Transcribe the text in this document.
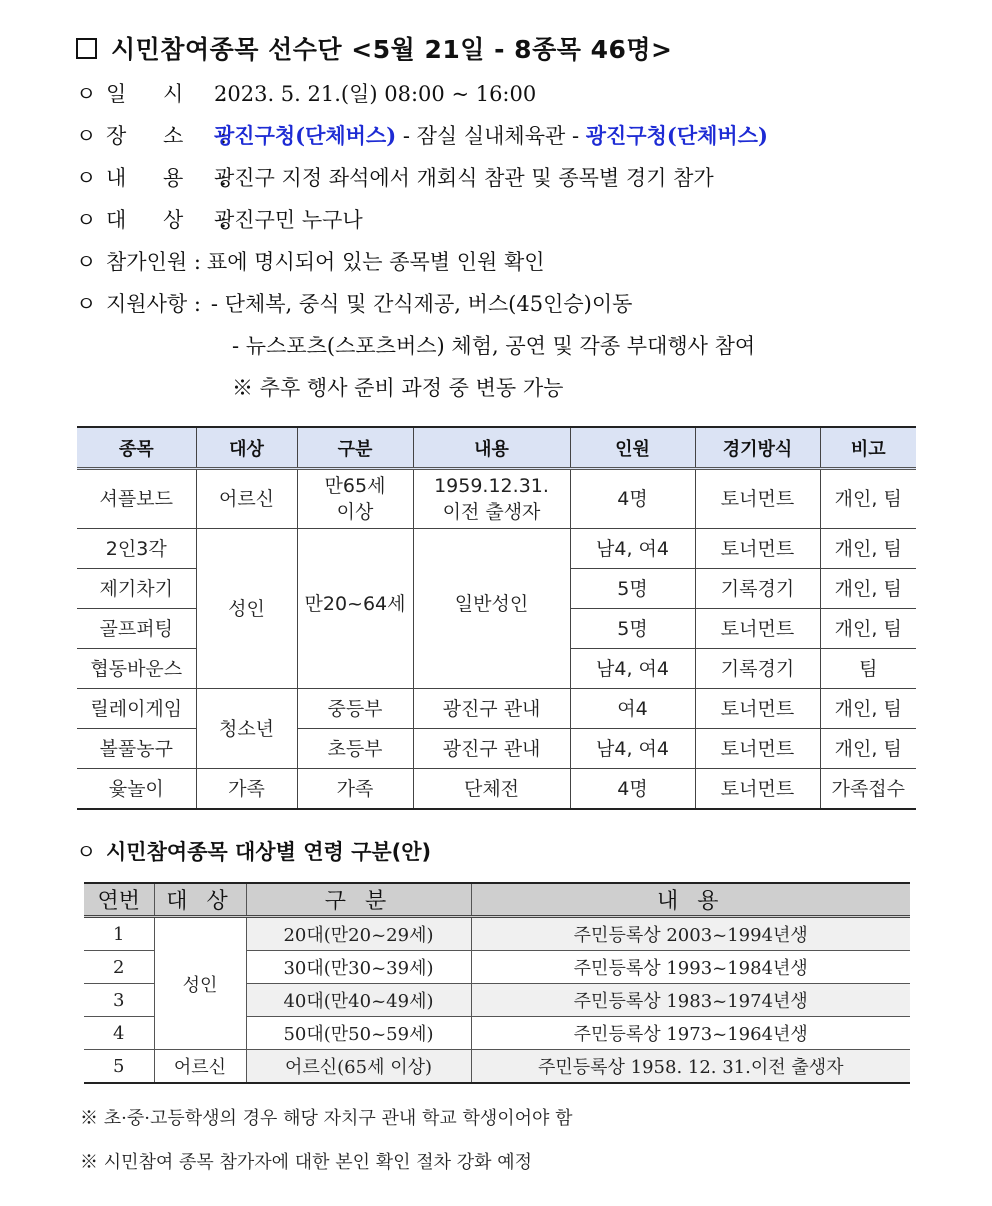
시민참여종목 선수단 <5월 21일 - 8종목 46명>
ㅇ 일 시 :2023. 5. 21.(일) 08:00 ~ 16:00
ㅇ 장 소 :광진구청(단체버스) - 잠실 실내체육관 - 광진구청(단체버스)
ㅇ 내 용 :광진구 지정 좌석에서 개회식 참관 및 종목별 경기 참가
ㅇ 대 상 :광진구민 누구나
ㅇ 참가인원 : 표에 명시되어 있는 종목별 인원 확인
ㅇ 지원사항 : - 단체복, 중식 및 간식제공, 버스(45인승)이동
- 뉴스포츠(스포츠버스) 체험, 공연 및 각종 부대행사 참여
※ 추후 행사 준비 과정 중 변동 가능
종목	대상	구분	내용	인원	경기방식	비고
셔플보드	어르신	만65세 이상	1959.12.31. 이전 출생자	4명	토너먼트	개인, 팀
2인3각	성인	만20~64세	일반성인	남4, 여4	토너먼트	개인, 팀
제기차기				5명	기록경기	개인, 팀
골프퍼팅				5명	토너먼트	개인, 팀
협동바운스				남4, 여4	기록경기	팀
릴레이게임	청소년	중등부	광진구 관내	여4	토너먼트	개인, 팀
볼풀농구		초등부	광진구 관내	남4, 여4	토너먼트	개인, 팀
윷놀이	가족	가족	단체전	4명	토너먼트	가족접수
ㅇ 시민참여종목 대상별 연령 구분(안)
연번	대 상	구 분	내 용
1	성인	20대(만20~29세)	주민등록상 2003~1994년생
2		30대(만30~39세)	주민등록상 1993~1984년생
3		40대(만40~49세)	주민등록상 1983~1974년생
4		50대(만50~59세)	주민등록상 1973~1964년생
5	어르신	어르신(65세 이상)	주민등록상 1958. 12. 31.이전 출생자
※ 초·중·고등학생의 경우 해당 자치구 관내 학교 학생이어야 함
※ 시민참여 종목 참가자에 대한 본인 확인 절차 강화 예정
